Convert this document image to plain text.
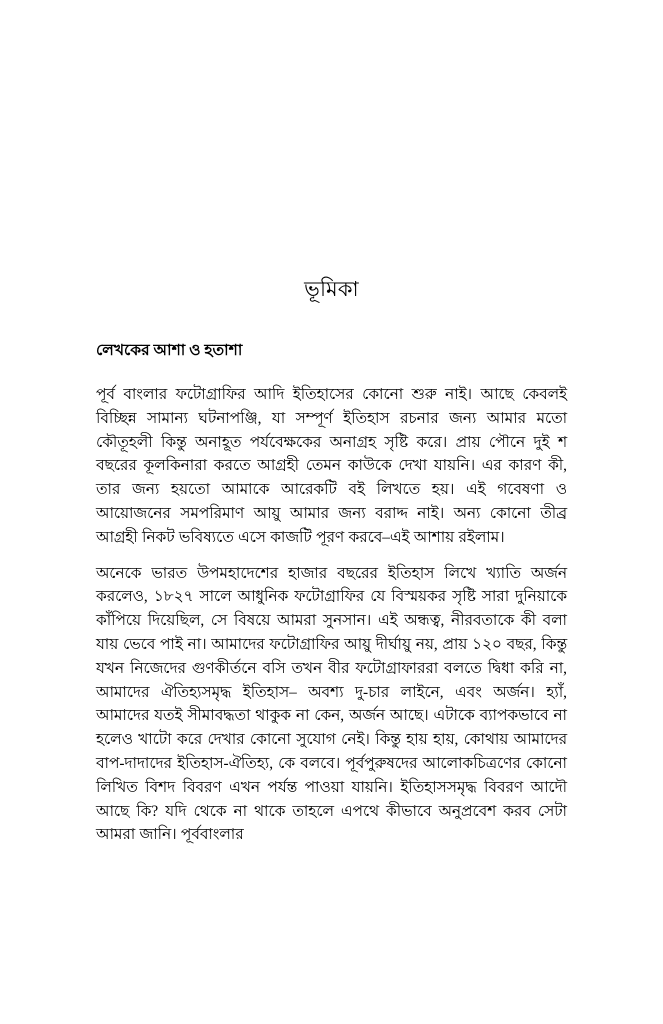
ভূমিকা
লেখকের আশা ও হতাশা

পূর্ব বাংলার ফটোগ্রাফির আদি ইতিহাসের কোনো শুরু নাই। আছে কেবলই বিচ্ছিন্ন সামান্য ঘটনাপঞ্জি, যা সম্পূর্ণ ইতিহাস রচনার জন্য আমার মতো কৌতূহলী কিন্তু অনাহূত পর্যবেক্ষকের অনাগ্রহ সৃষ্টি করে। প্রায় পৌনে দুই শ বছরের কূলকিনারা করতে আগ্রহী তেমন কাউকে দেখা যায়নি। এর কারণ কী, তার জন্য হয়তো আমাকে আরেকটি বই লিখতে হয়। এই গবেষণা ও আয়োজনের সমপরিমাণ আয়ু আমার জন্য বরাদ্দ নাই। অন্য কোনো তীব্র আগ্রহী নিকট ভবিষ্যতে এসে কাজটি পূরণ করবে–এই আশায় রইলাম।

অনেকে ভারত উপমহাদেশের হাজার বছরের ইতিহাস লিখে খ্যাতি অর্জন করলেও, ১৮২৭ সালে আধুনিক ফটোগ্রাফির যে বিস্ময়কর সৃষ্টি সারা দুনিয়াকে কাঁপিয়ে দিয়েছিল, সে বিষয়ে আমরা সুনসান। এই অন্ধত্ব, নীরবতাকে কী বলা যায় ভেবে পাই না। আমাদের ফটোগ্রাফির আয়ু দীর্ঘায়ু নয়, প্রায় ১২০ বছর, কিন্তু যখন নিজেদের গুণকীর্তনে বসি তখন বীর ফটোগ্রাফাররা বলতে দ্বিধা করি না, আমাদের ঐতিহ্যসমৃদ্ধ ইতিহাস– অবশ্য দু-চার লাইনে, এবং অর্জন। হ্যাঁ, আমাদের যতই সীমাবদ্ধতা থাকুক না কেন, অর্জন আছে। এটাকে ব্যাপকভাবে না হলেও খাটো করে দেখার কোনো সুযোগ নেই। কিন্তু হায় হায়, কোথায় আমাদের বাপ-দাদাদের ইতিহাস-ঐতিহ্য, কে বলবে। পূর্বপুরুষদের আলোকচিত্রণের কোনো লিখিত বিশদ বিবরণ এখন পর্যন্ত পাওয়া যায়নি। ইতিহাসসমৃদ্ধ বিবরণ আদৌ আছে কি? যদি থেকে না থাকে তাহলে এপথে কীভাবে অনুপ্রবেশ করব সেটা আমরা জানি। পূর্ববাংলার
